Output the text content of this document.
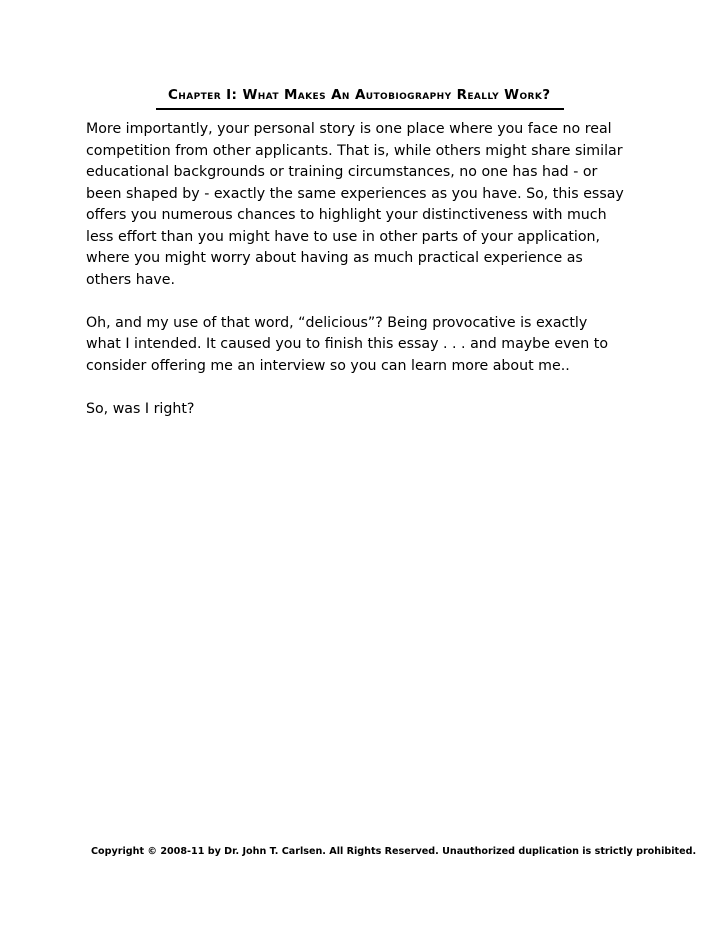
Chapter I: What Makes An Autobiography Really Work?

More importantly, your personal story is one place where you face no real competition from other applicants. That is, while others might share similar educational backgrounds or training circumstances, no one has had - or been shaped by - exactly the same experiences as you have. So, this essay offers you numerous chances to highlight your distinctiveness with much less effort than you might have to use in other parts of your application, where you might worry about having as much practical experience as others have.

Oh, and my use of that word, “delicious”? Being provocative is exactly what I intended. It caused you to finish this essay . . . and maybe even to consider offering me an interview so you can learn more about me..

So, was I right?

Copyright © 2008-11 by Dr. John T. Carlsen. All Rights Reserved. Unauthorized duplication is strictly prohibited.
